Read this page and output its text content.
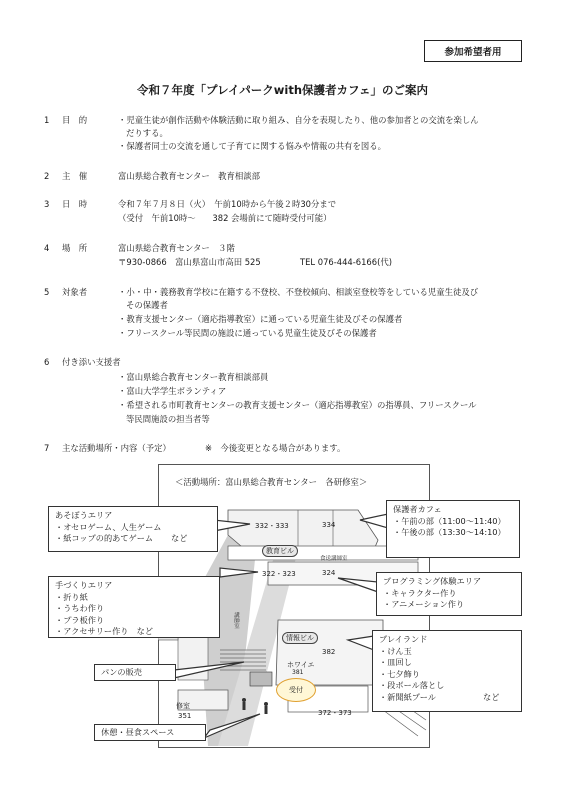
参加希望者用
令和７年度「プレイパークwith保護者カフェ」のご案内
1 目　的	・児童生徒が創作活動や体験活動に取り組み、自分を表現したり、他の参加者との交流を楽しん
だりする。
・保護者同士の交流を通して子育てに関する悩みや情報の共有を図る。
2 主　催	富山県総合教育センター　教育相談部
3 日　時	令和７年７月８日（火）　午前10時から午後２時30分まで
（受付　午前10時～　　382 会場前にて随時受付可能）
4 場　所	富山県総合教育センター　３階
〒930-0866　富山県富山市高田 525	TEL 076-444-6166(代)
5 対象者	・小・中・義務教育学校に在籍する不登校、不登校傾向、相談室登校等をしている児童生徒及び
その保護者
・教育支援センター（適応指導教室）に通っている児童生徒及びその保護者
・フリースクール等民間の施設に通っている児童生徒及びその保護者
6 付き添い支援者
・富山県総合教育センター教育相談部員
・富山大学学生ボランティア
・希望される市町教育センターの教育支援センター（適応指導教室）の指導員、フリースクール
等民間施設の担当者等
7 主な活動場所・内容（予定）	※　今後変更となる場合があります。
＜活動場所：富山県総合教育センター　各研修室＞
332・333	334
教育ビル
322・323	324
食送講師室
講師室
情報ビル
382
ホワイエ
381
受付
372・373
修室
351
あそぼうエリア
・オセロゲーム、人生ゲーム
・紙コップの的あてゲーム	など
手づくりエリア
・折り紙
・うちわ作り
・プラ板作り
・アクセサリー作り　など
パンの販売
休憩・昼食スペース
保護者カフェ
・午前の部（11:00～11:40）
・午後の部（13:30～14:10）
プログラミング体験エリア
・キャラクター作り
・アニメーション作り
プレイランド
・けん玉
・皿回し
・七夕飾り
・段ボール落とし
・新聞紙プール	など
